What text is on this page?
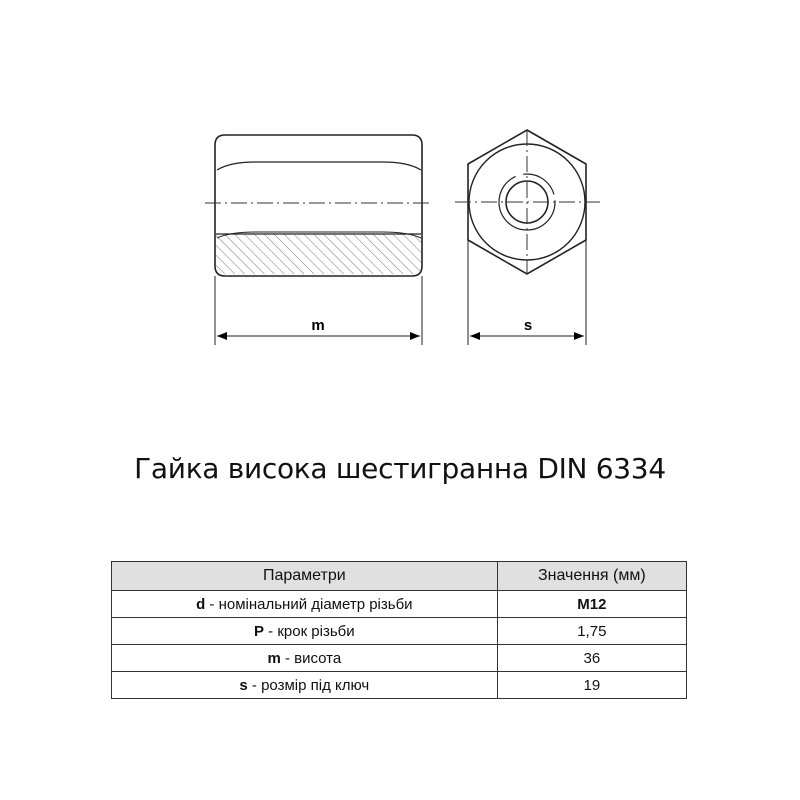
m	s
Гайка висока шестигранна DIN 6334
Параметри	Значення (мм)
d - номінальний діаметр різьби	M12
P - крок різьби	1,75
m - висота	36
s - розмір під ключ	19
